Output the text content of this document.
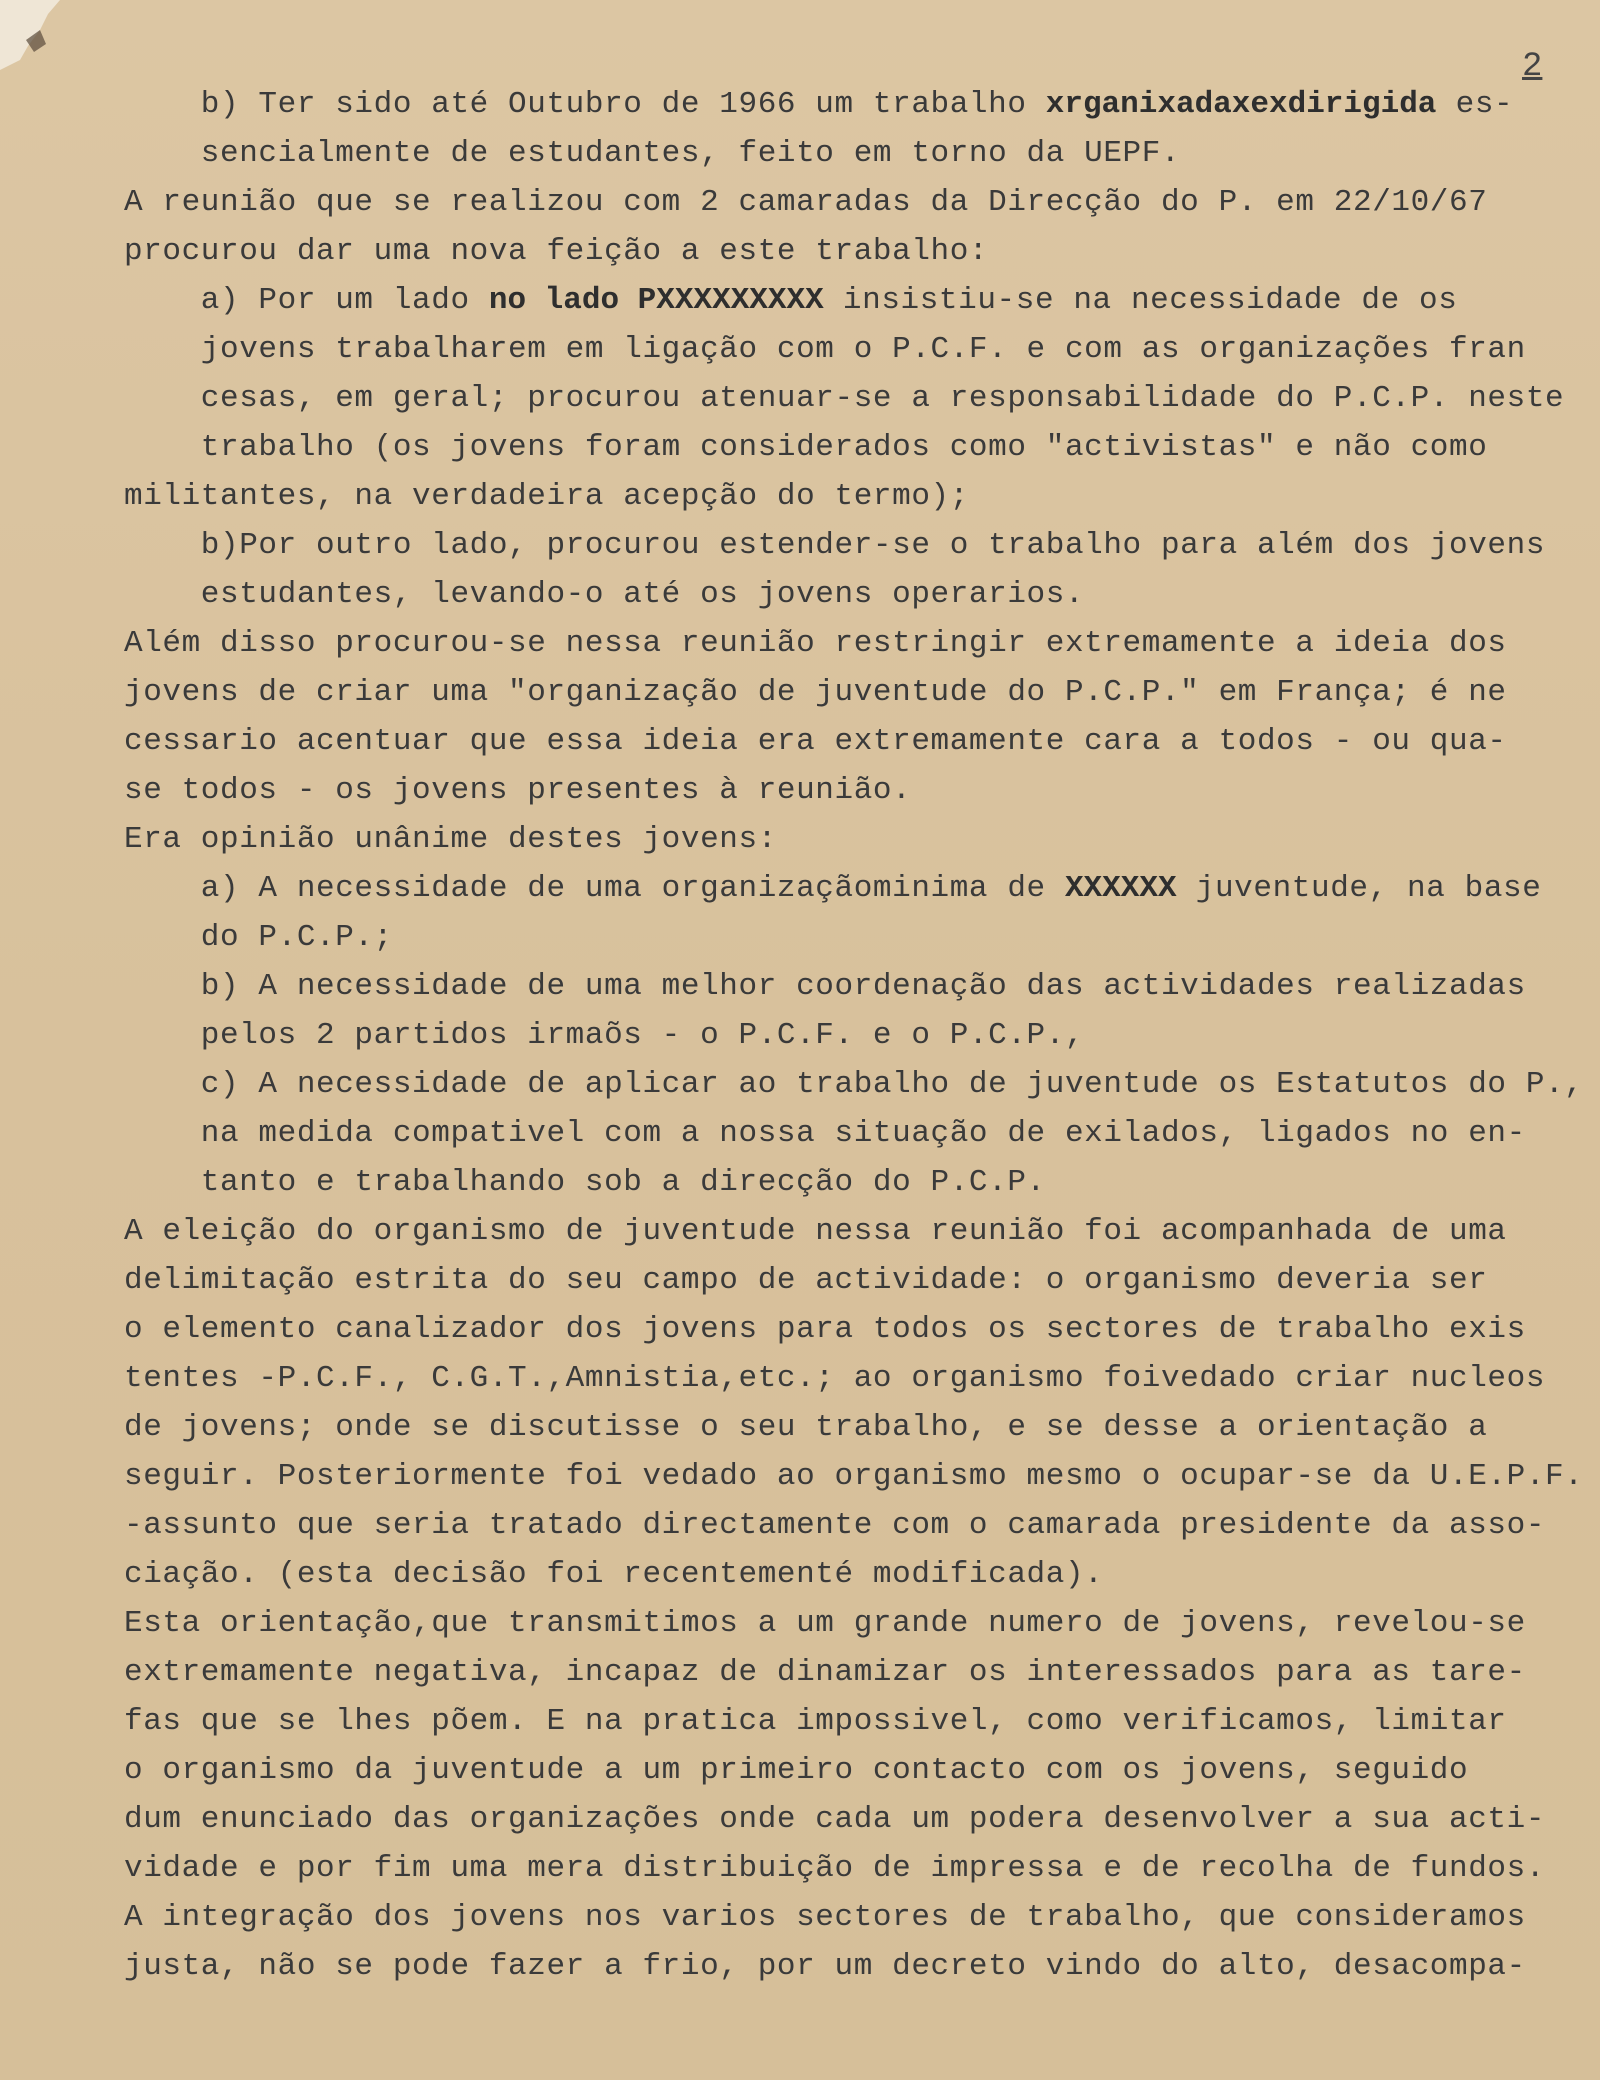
2
b) Ter sido até Outubro de 1966 um trabalho xrganixadaxexdirigida es-
sencialmente de estudantes, feito em torno da UEPF.
A reunião que se realizou com 2 camaradas da Direcção do P. em 22/10/67
procurou dar uma nova feição a este trabalho:
a) Por um lado no lado PXXXXXXXXX insistiu-se na necessidade de os
jovens trabalharem em ligação com o P.C.F. e com as organizações fran
cesas, em geral; procurou atenuar-se a responsabilidade do P.C.P. neste
trabalho (os jovens foram considerados como "activistas" e não como
militantes, na verdadeira acepção do termo);
b)Por outro lado, procurou estender-se o trabalho para além dos jovens
estudantes, levando-o até os jovens operarios.
Além disso procurou-se nessa reunião restringir extremamente a ideia dos
jovens de criar uma "organização de juventude do P.C.P." em França; é ne
cessario acentuar que essa ideia era extremamente cara a todos - ou qua-
se todos - os jovens presentes à reunião.
Era opinião unânime destes jovens:
a) A necessidade de uma organizaçãominima de XXXXXX juventude, na base
do P.C.P.;
b) A necessidade de uma melhor coordenação das actividades realizadas
pelos 2 partidos irmaõs - o P.C.F. e o P.C.P.,
c) A necessidade de aplicar ao trabalho de juventude os Estatutos do P.,
na medida compativel com a nossa situação de exilados, ligados no en-
tanto e trabalhando sob a direcção do P.C.P.
A eleição do organismo de juventude nessa reunião foi acompanhada de uma
delimitação estrita do seu campo de actividade: o organismo deveria ser
o elemento canalizador dos jovens para todos os sectores de trabalho exis
tentes -P.C.F., C.G.T.,Amnistia,etc.; ao organismo foivedado criar nucleos
de jovens; onde se discutisse o seu trabalho, e se desse a orientação a
seguir. Posteriormente foi vedado ao organismo mesmo o ocupar-se da U.E.P.F.
-assunto que seria tratado directamente com o camarada presidente da asso-
ciação. (esta decisão foi recentementé modificada).
Esta orientação,que transmitimos a um grande numero de jovens, revelou-se
extremamente negativa, incapaz de dinamizar os interessados para as tare-
fas que se lhes põem. E na pratica impossivel, como verificamos, limitar
o organismo da juventude a um primeiro contacto com os jovens, seguido
dum enunciado das organizações onde cada um podera desenvolver a sua acti-
vidade e por fim uma mera distribuição de impressa e de recolha de fundos.
A integração dos jovens nos varios sectores de trabalho, que consideramos
justa, não se pode fazer a frio, por um decreto vindo do alto, desacompa-
